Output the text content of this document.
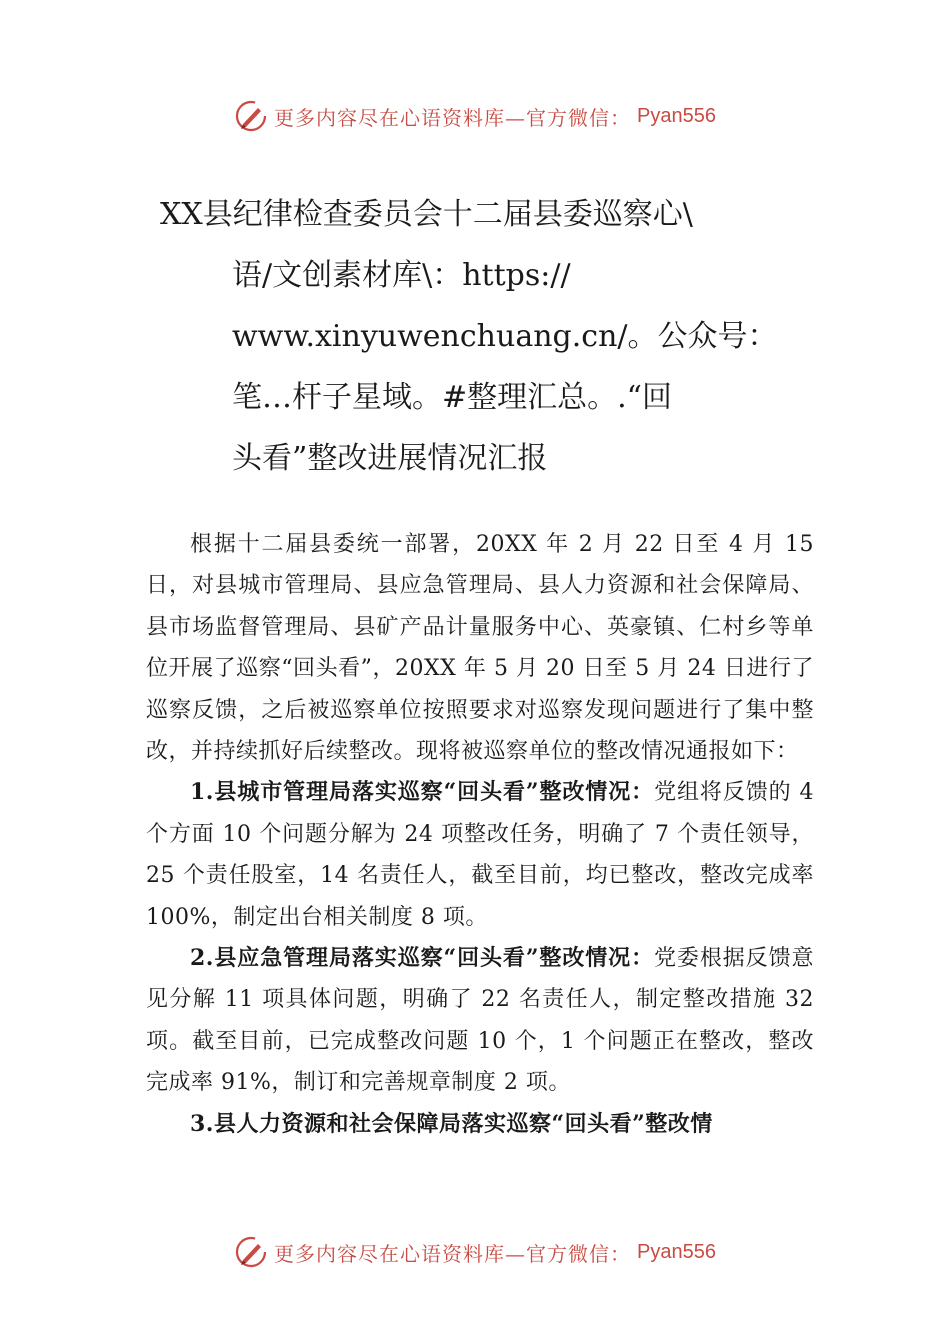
更多内容尽在心语资料库—官方微信： Pyan556
XX县纪律检查委员会十二届县委巡察心\
语/文创素材库\：https://
www.xinyuwenchuang.cn/。公众号：
笔…杆子星域。#整理汇总。.“回
头看”整改进展情况汇报

根据十二届县委统一部署，20XX 年 2 月 22 日至 4 月 15 日，对县城市管理局、县应急管理局、县人力资源和社会保障局、县市场监督管理局、县矿产品计量服务中心、英豪镇、仁村乡等单位开展了巡察“回头看”，20XX 年 5 月 20 日至 5 月 24 日进行了巡察反馈，之后被巡察单位按照要求对巡察发现问题进行了集中整改，并持续抓好后续整改。现将被巡察单位的整改情况通报如下：

1.县城市管理局落实巡察“回头看”整改情况：党组将反馈的 4 个方面 10 个问题分解为 24 项整改任务，明确了 7 个责任领导，25 个责任股室，14 名责任人，截至目前，均已整改，整改完成率 100%，制定出台相关制度 8 项。

2.县应急管理局落实巡察“回头看”整改情况：党委根据反馈意见分解 11 项具体问题，明确了 22 名责任人，制定整改措施 32 项。截至目前，已完成整改问题 10 个，1 个问题正在整改，整改完成率 91%，制订和完善规章制度 2 项。

3.县人力资源和社会保障局落实巡察“回头看”整改情

更多内容尽在心语资料库—官方微信： Pyan556
